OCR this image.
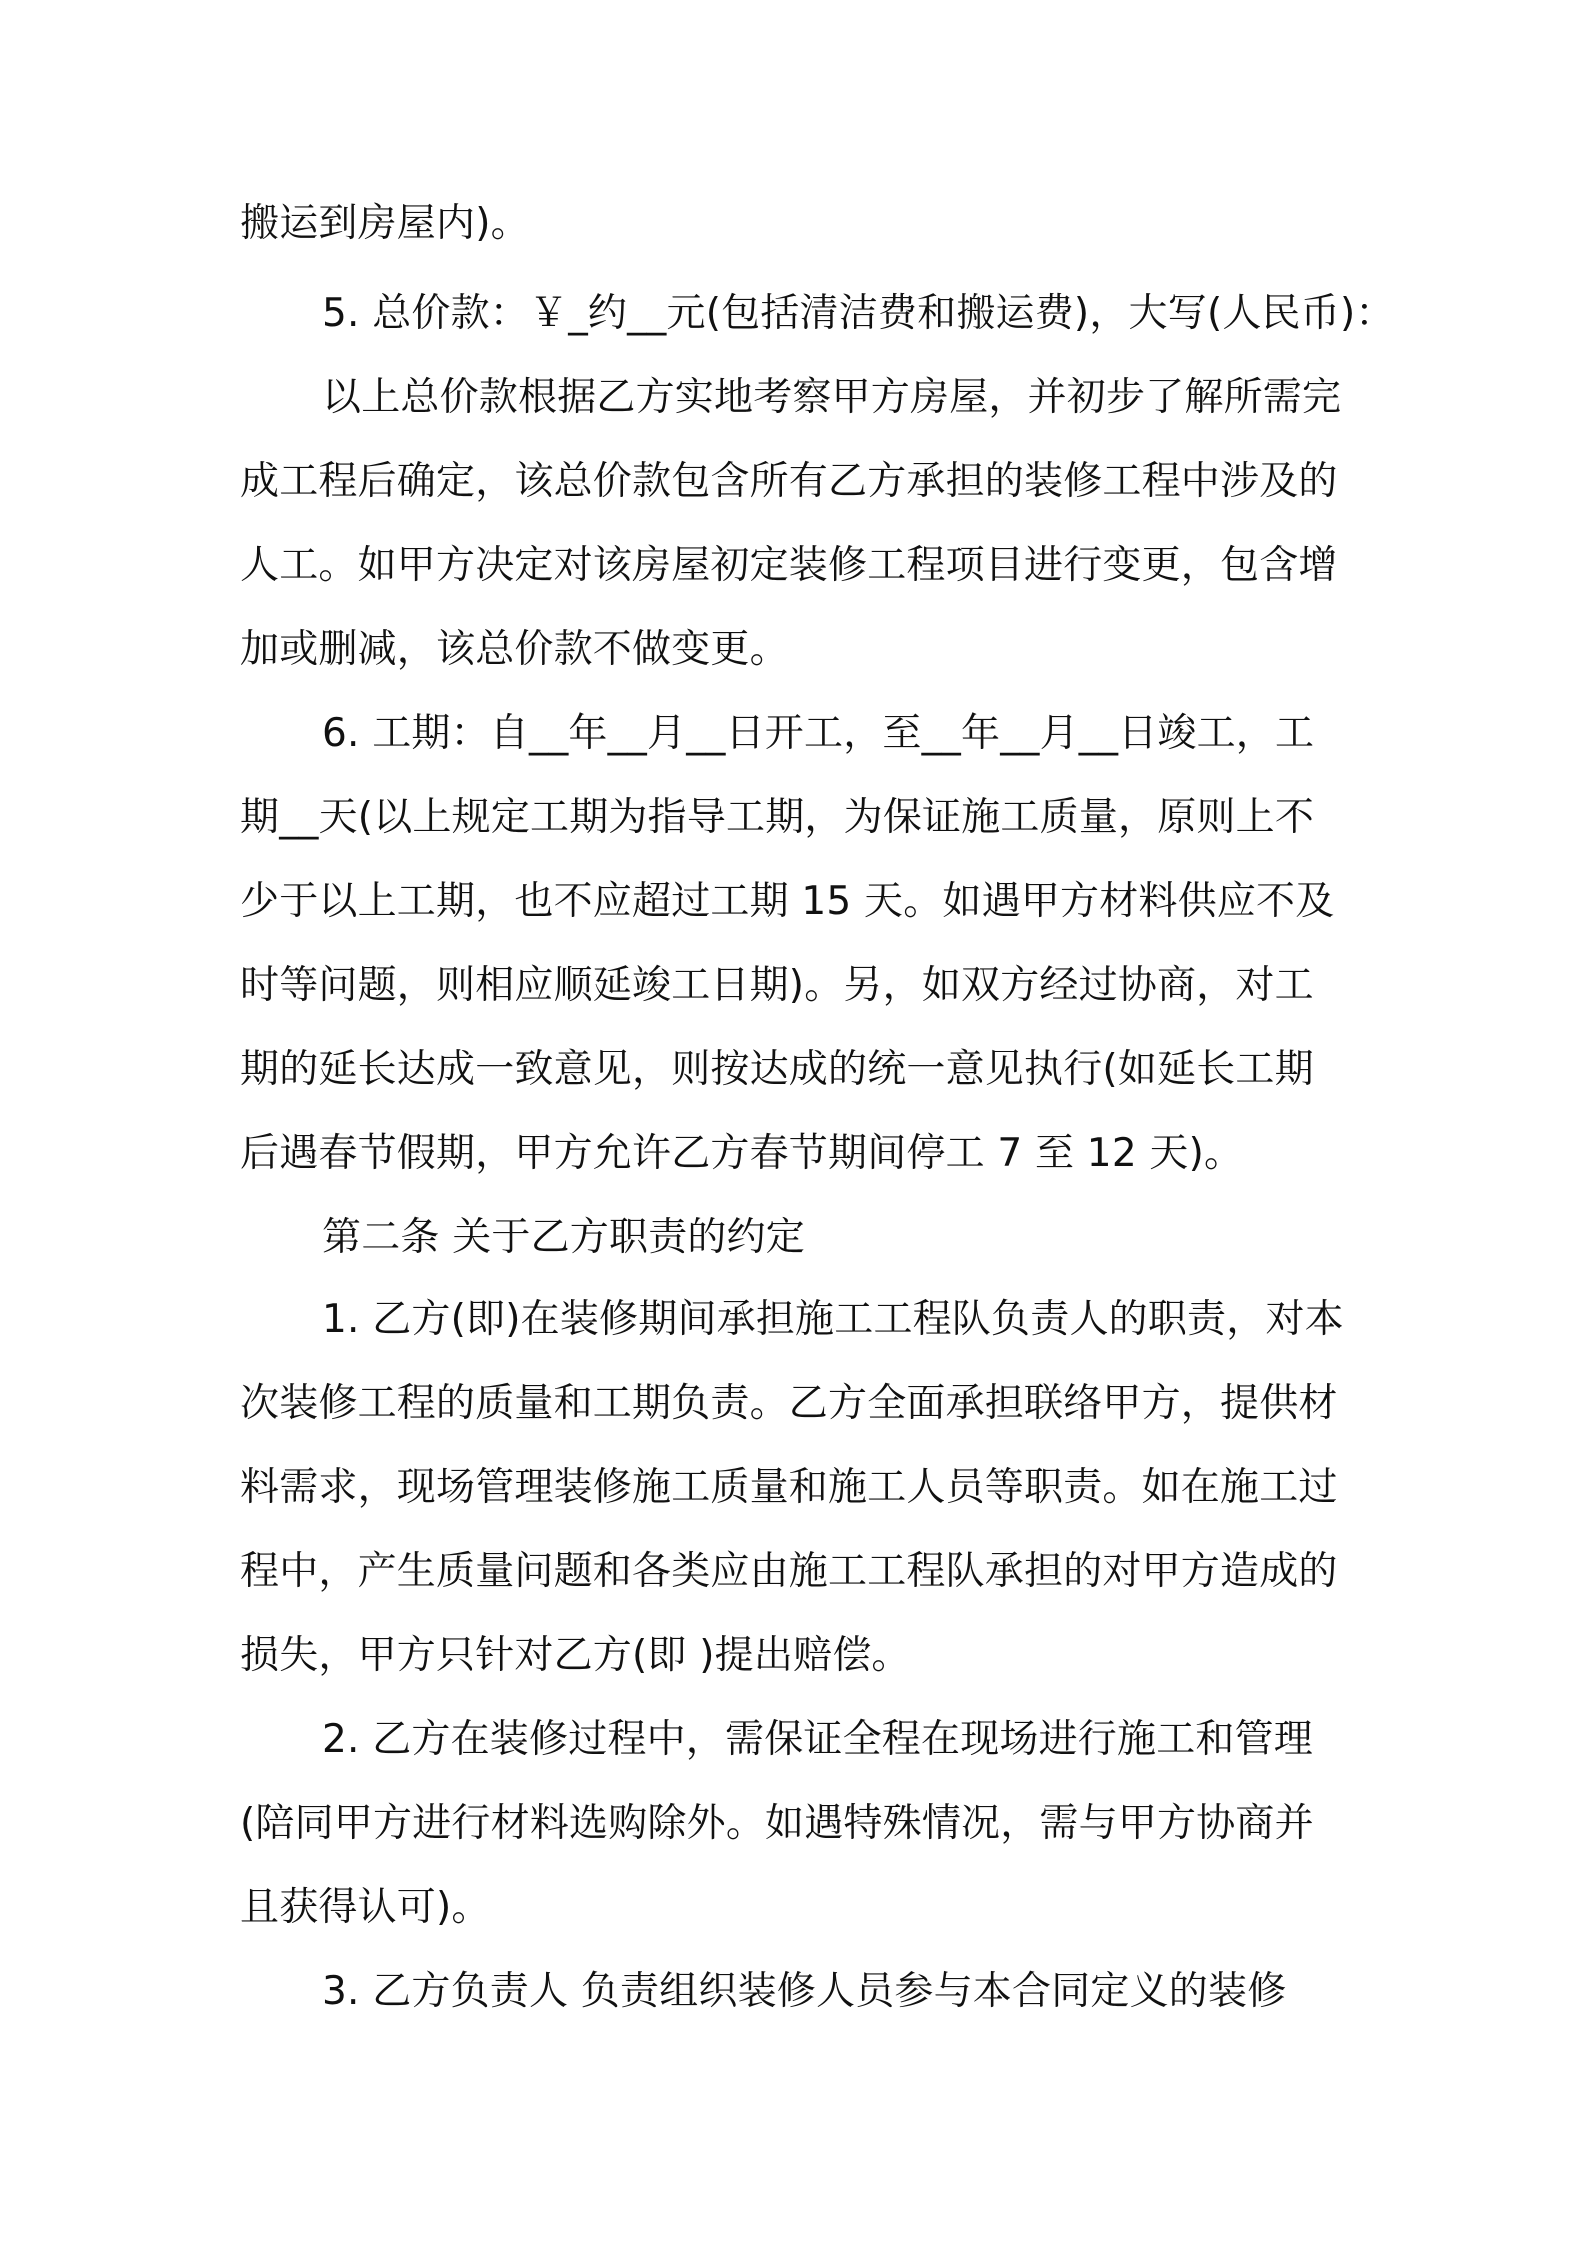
搬运到房屋内)。

5. 总价款：￥_约__元(包括清洁费和搬运费)，大写(人民币)：

以上总价款根据乙方实地考察甲方房屋，并初步了解所需完

成工程后确定，该总价款包含所有乙方承担的装修工程中涉及的

人工。如甲方决定对该房屋初定装修工程项目进行变更，包含增

加或删减，该总价款不做变更。

6. 工期：自__年__月__日开工，至__年__月__日竣工，工

期__天(以上规定工期为指导工期，为保证施工质量，原则上不

少于以上工期，也不应超过工期 15 天。如遇甲方材料供应不及

时等问题，则相应顺延竣工日期)。另，如双方经过协商，对工

期的延长达成一致意见，则按达成的统一意见执行(如延长工期

后遇春节假期，甲方允许乙方春节期间停工 7 至 12 天)。

第二条 关于乙方职责的约定

1. 乙方(即)在装修期间承担施工工程队负责人的职责，对本

次装修工程的质量和工期负责。乙方全面承担联络甲方，提供材

料需求，现场管理装修施工质量和施工人员等职责。如在施工过

程中，产生质量问题和各类应由施工工程队承担的对甲方造成的

损失，甲方只针对乙方(即 )提出赔偿。

2. 乙方在装修过程中，需保证全程在现场进行施工和管理

(陪同甲方进行材料选购除外。如遇特殊情况，需与甲方协商并

且获得认可)。

3. 乙方负责人 负责组织装修人员参与本合同定义的装修
